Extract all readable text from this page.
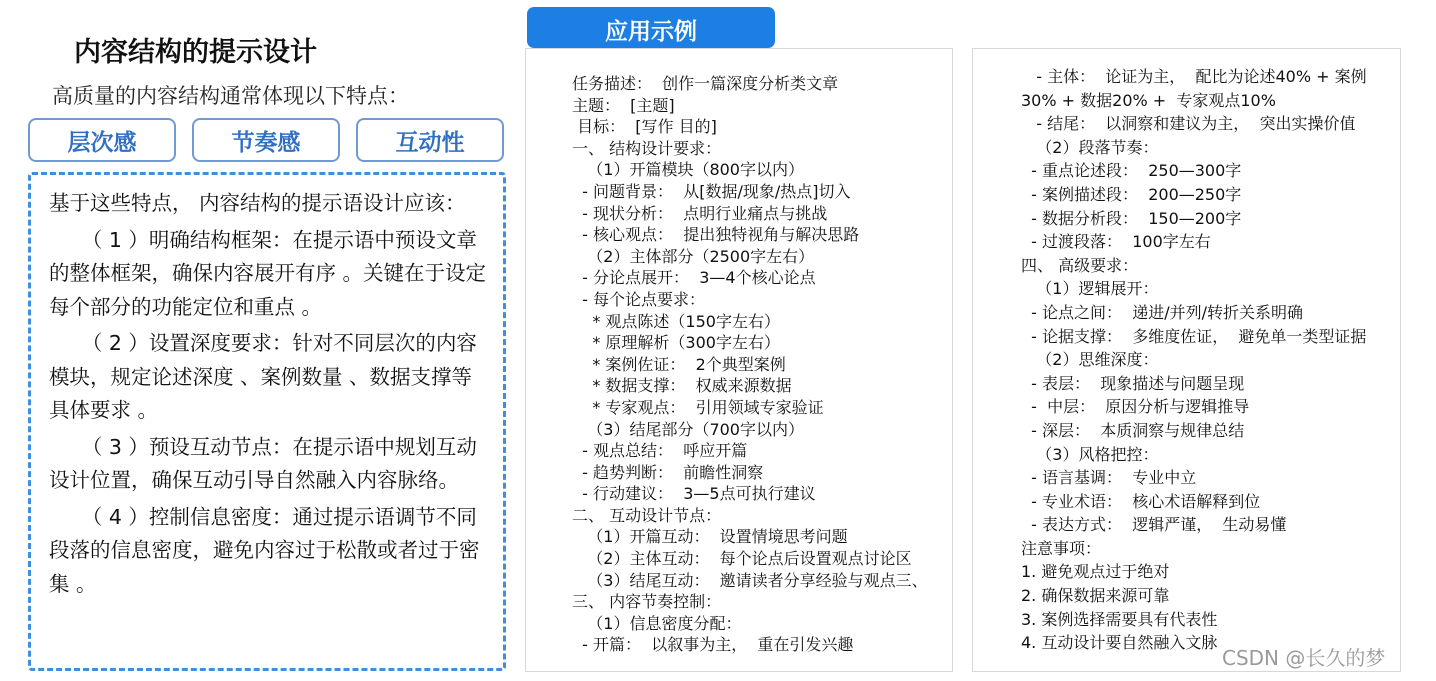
内容结构的提示设计
高质量的内容结构通常体现以下特点：
层次感	节奏感	互动性

基于这些特点， 内容结构的提示语设计应该：

（ 1 ）明确结构框架：在提示语中预设文章的整体框架，确保内容展开有序 。关键在于设定每个部分的功能定位和重点 。

（ 2 ）设置深度要求：针对不同层次的内容模块，规定论述深度 、案例数量 、数据支撑等具体要求 。

（ 3 ）预设互动节点：在提示语中规划互动设计位置，确保互动引导自然融入内容脉络。

（ 4 ）控制信息密度：通过提示语调节不同段落的信息密度，避免内容过于松散或者过于密集 。

应用示例
任务描述：  创作一篇深度分析类文章
主题：  [主题]
目标：  [写作 目的]
一、 结构设计要求：
（1）开篇模块（800字以内）
- 问题背景：  从[数据/现象/热点]切入
- 现状分析：  点明行业痛点与挑战
- 核心观点：  提出独特视角与解决思路
（2）主体部分（2500字左右）
- 分论点展开：  3—4个核心论点
- 每个论点要求：
* 观点陈述（150字左右）
* 原理解析（300字左右）
* 案例佐证：  2个典型案例
* 数据支撑：  权威来源数据
* 专家观点：  引用领域专家验证
（3）结尾部分（700字以内）
- 观点总结：  呼应开篇
- 趋势判断：  前瞻性洞察
- 行动建议：  3—5点可执行建议
二、 互动设计节点：
（1）开篇互动：  设置情境思考问题
（2）主体互动：  每个论点后设置观点讨论区
（3）结尾互动：  邀请读者分享经验与观点三、
三、 内容节奏控制：
（1）信息密度分配：
- 开篇：  以叙事为主，  重在引发兴趣
- 主体：  论证为主，  配比为论述40% + 案例
30% + 数据20% +  专家观点10%
- 结尾：  以洞察和建议为主，  突出实操价值
（2）段落节奏：
- 重点论述段：  250—300字
- 案例描述段：  200—250字
- 数据分析段：  150—200字
- 过渡段落：  100字左右
四、 高级要求：
（1）逻辑展开：
- 论点之间：  递进/并列/转折关系明确
- 论据支撑：  多维度佐证，  避免单一类型证据
（2）思维深度：
- 表层：  现象描述与问题呈现
-  中层：  原因分析与逻辑推导
- 深层：  本质洞察与规律总结
（3）风格把控：
- 语言基调：  专业中立
- 专业术语：  核心术语解释到位
- 表达方式：  逻辑严谨，  生动易懂
注意事项：
1. 避免观点过于绝对
2. 确保数据来源可靠
3. 案例选择需要具有代表性
4. 互动设计要自然融入文脉
CSDN @长久的梦
